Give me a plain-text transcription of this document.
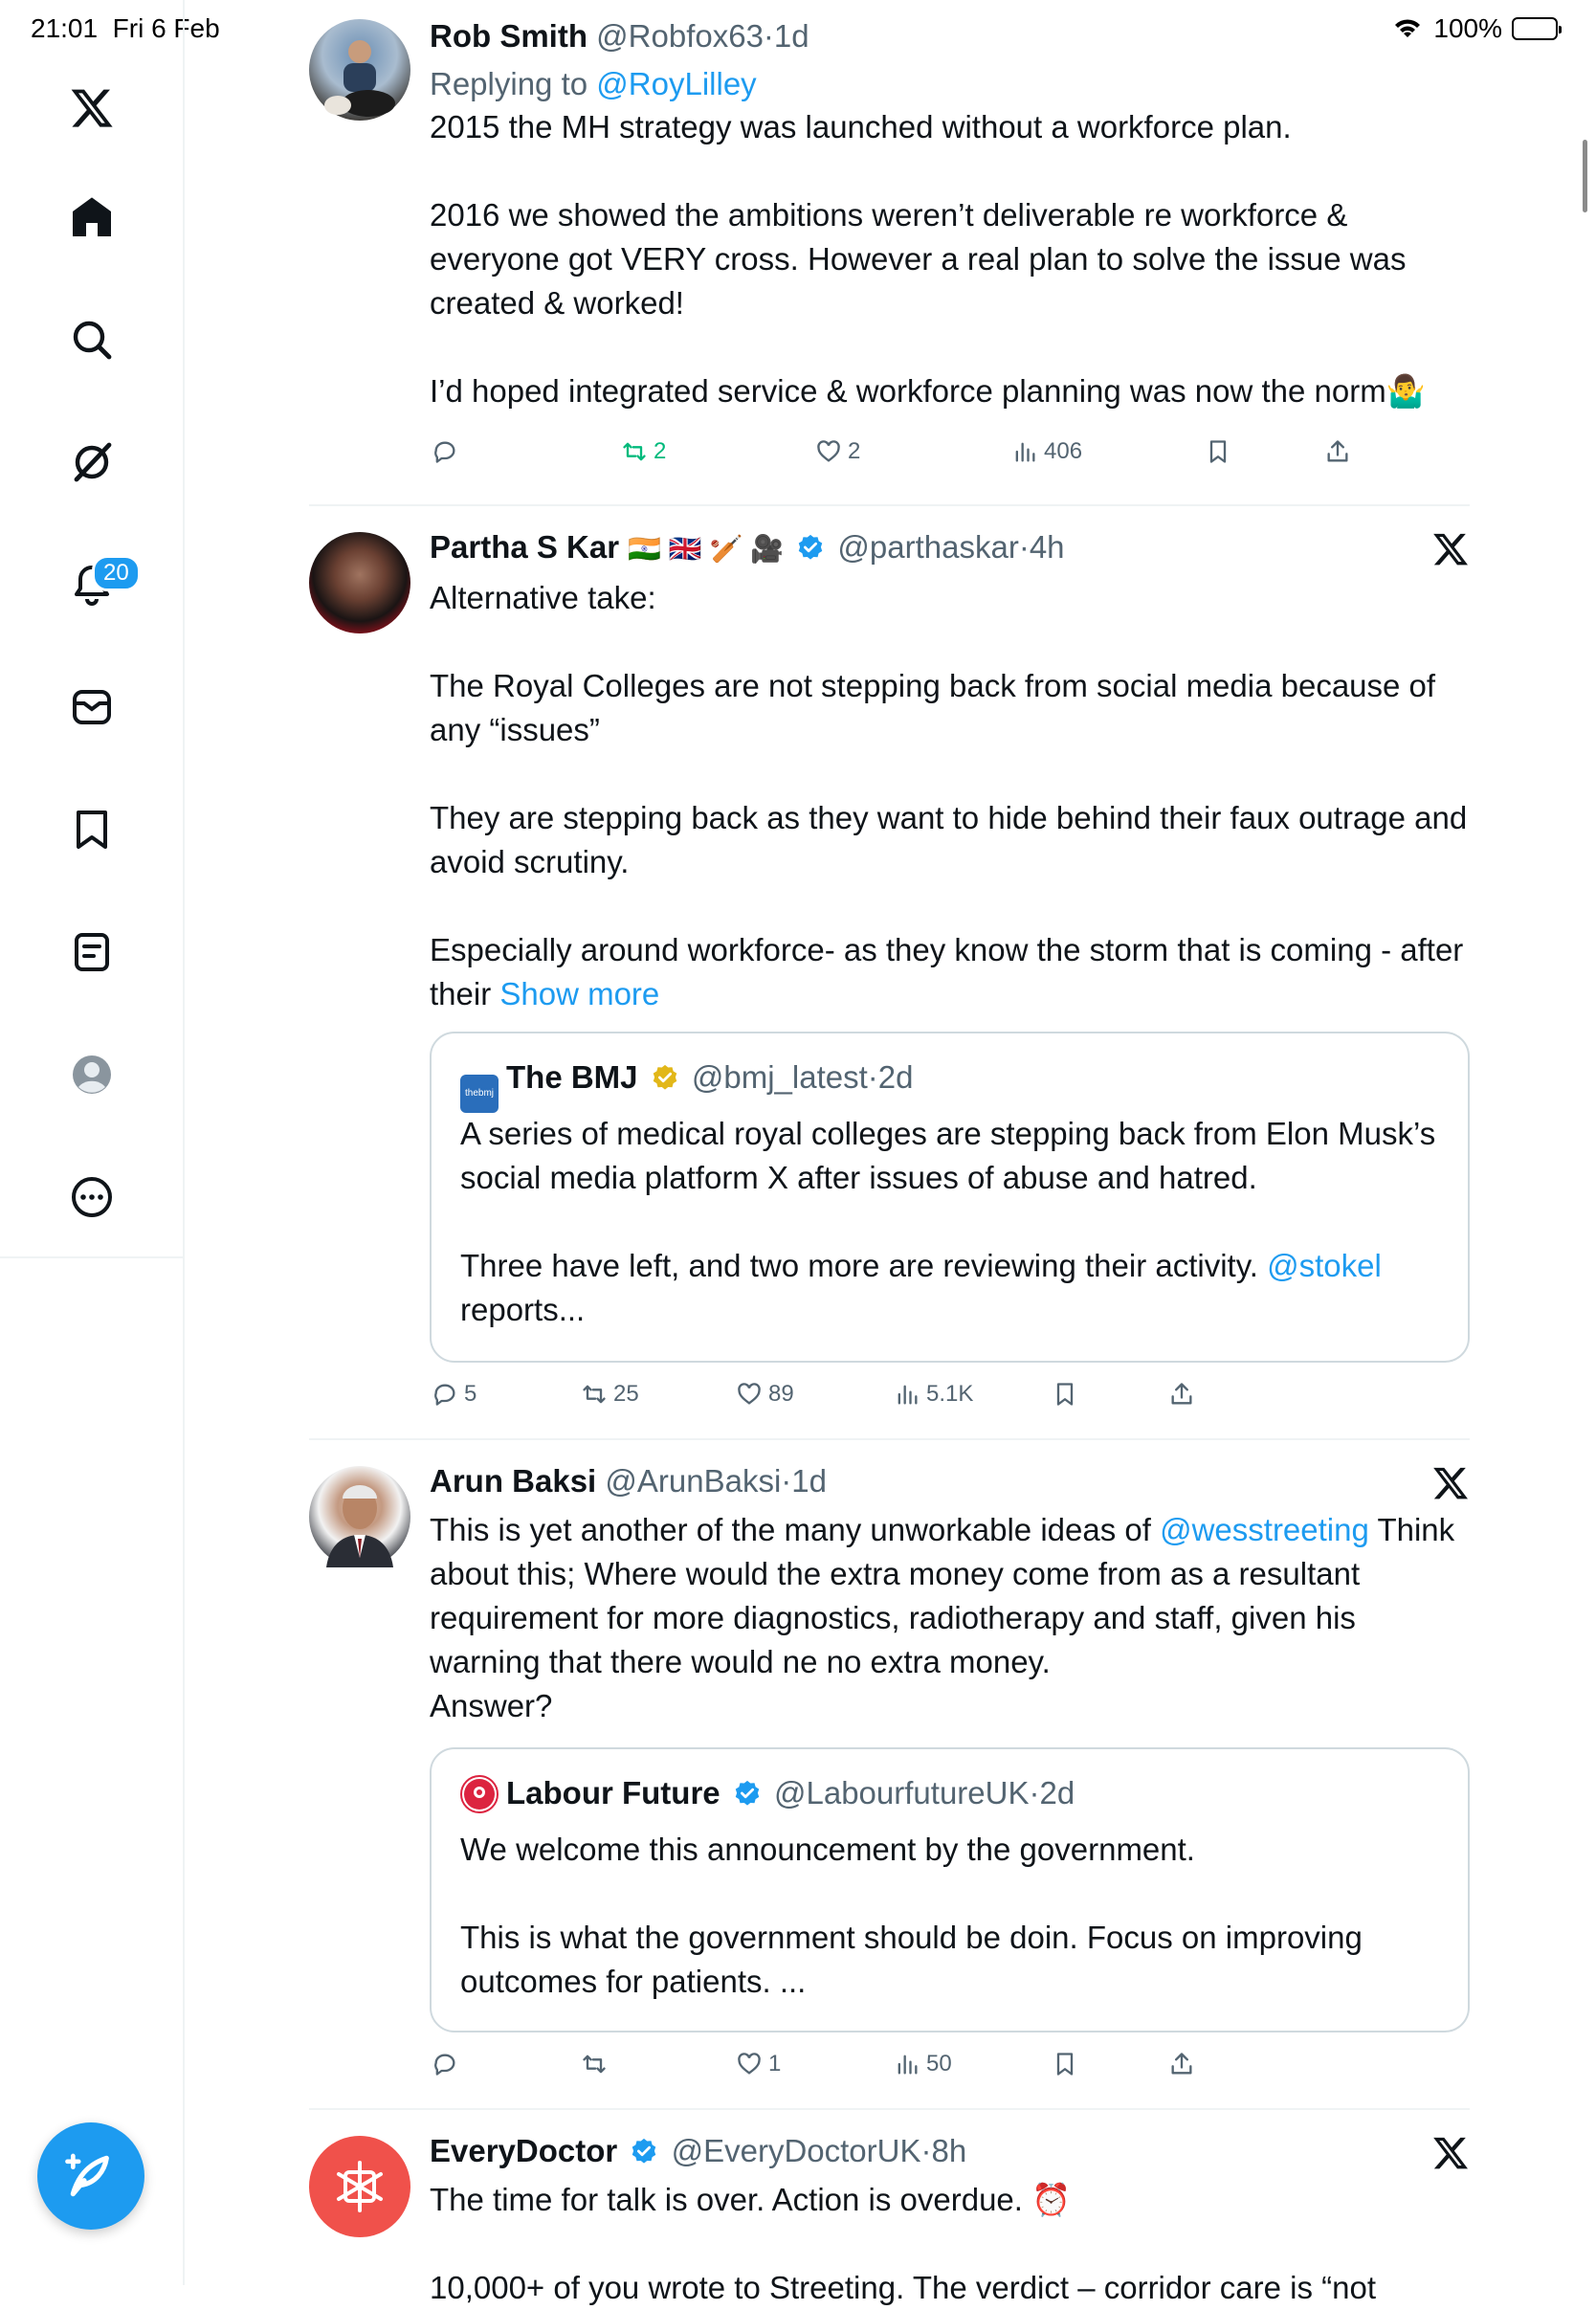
21:01 Fri 6 Feb	100%
20
Rob Smith @Robfox63·1d
Replying to @RoyLilley
2015 the MH strategy was launched without a workforce plan.
2016 we showed the ambitions weren’t deliverable re workforce & everyone got VERY cross. However a real plan to solve the issue was created & worked!
I’d hoped integrated service & workforce planning was now the norm🤷‍♂️
2	2	406
Partha S Kar 🇮🇳 🇬🇧 🏏 🎥 @parthaskar·4h
Alternative take:
The Royal Colleges are not stepping back from social media because of any “issues”
They are stepping back as they want to hide behind their faux outrage and avoid scrutiny.
Especially around workforce- as they know the storm that is coming - after their Show more
thebmj The BMJ @bmj_latest·2d
A series of medical royal colleges are stepping back from Elon Musk’s social media platform X after issues of abuse and hatred.
Three have left, and two more are reviewing their activity. @stokel reports...
5	25	89	5.1K
Arun Baksi @ArunBaksi·1d
This is yet another of the many unworkable ideas of @wesstreeting Think about this; Where would the extra money come from as a resultant requirement for more diagnostics, radiotherapy and staff, given his warning that there would ne no extra money.
Answer?
Labour Future @LabourfutureUK·2d
We welcome this announcement by the government.
This is what the government should be doin. Focus on improving outcomes for patients. ...
1	50
EveryDoctor @EveryDoctorUK·8h
The time for talk is over. Action is overdue. ⏰
10,000+ of you wrote to Streeting. The verdict – corridor care is “not
